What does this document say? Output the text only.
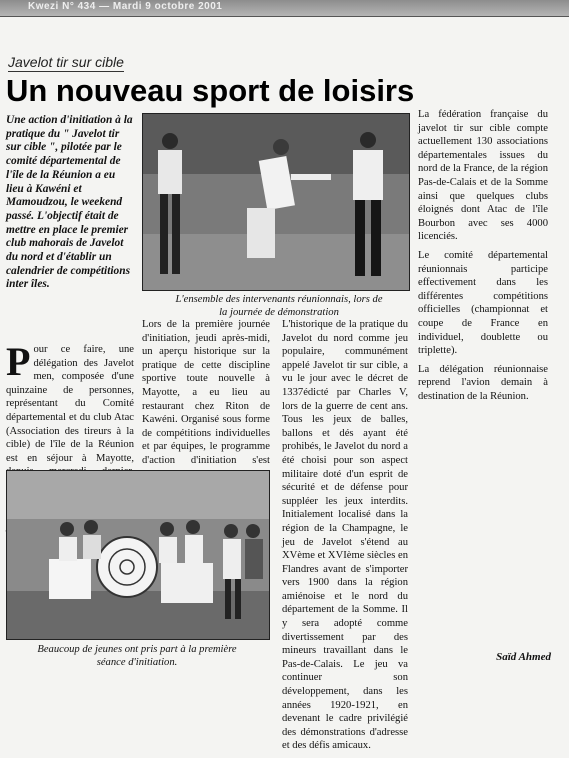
Kwezi N° 434 — Mardi 9 octobre 2001
Javelot tir sur cible
Un nouveau sport de loisirs
Une action d'initiation à la pratique du " Javelot tir sur cible ", pilotée par le comité départemental de l'île de la Réunion a eu lieu à Kawéni et Mamoudzou, le weekend passé. L'objectif était de mettre en place le premier club mahorais de Javelot du nord et d'établir un calendrier de compétitions inter îles.
L'ensemble des intervenants réunionnais, lors de la journée de démonstration

Pour ce faire, une délégation des Javelot men, composée d'une quinzaine de personnes, représentant du Comité départemental et du club Atac (Association des tireurs à la cible) de l'île de la Réunion est en séjour à Mayotte,

Lors de la première journée d'initiation, jeudi après-midi, un aperçu historique sur la pratique de cette discipline sportive toute nouvelle à Mayotte, a eu lieu au restaurant chez Riton de Kawéni. Organisé sous forme de compétitions individuelles et par équipes, le programme d'action d'initiation s'est

L'historique de la pratique du Javelot du nord comme jeu populaire, communément appelé Javelot tir sur cible, a vu le jour avec le décret de 1337édicté par Charles V, lors de la guerre de cent ans. Tous les jeux de balles, ballons et dés ayant été prohibés, le Javelot du nord a été choisi pour son aspect militaire doté d'un esprit de sécurité et de défense pour suppléer les jeux interdits. Initialement localisé dans la région de la Champagne, le jeu de Javelot s'étend au XVème et XVIème siècles en Flandres avant de s'importer vers 1900 dans la région amiénoise et le nord du département de la Somme. Il y sera adopté comme divertissement par des mineurs travaillant dans le Pas-de-Calais. Le jeu va continuer son développement, dans les années 1920-1921, en devenant le cadre privilégié des démonstrations d'adresse et des défis amicaux.

La fédération française du javelot tir sur cible compte actuellement 130 associations départementales issues du nord de la France, de la région Pas-de-Calais et de la Somme ainsi que quelques clubs éloignés dont Atac de l'île Bourbon avec ses 4000 licenciés.

Le comité départemental réunionnais participe effectivement dans les différentes compétitions officielles (championnat et coupe de France en individuel, doublette ou triplette).

La délégation réunionnaise reprend l'avion demain à destination de la Réunion.

Beaucoup de jeunes ont pris part à la première séance d'initiation.	Saïd Ahmed
